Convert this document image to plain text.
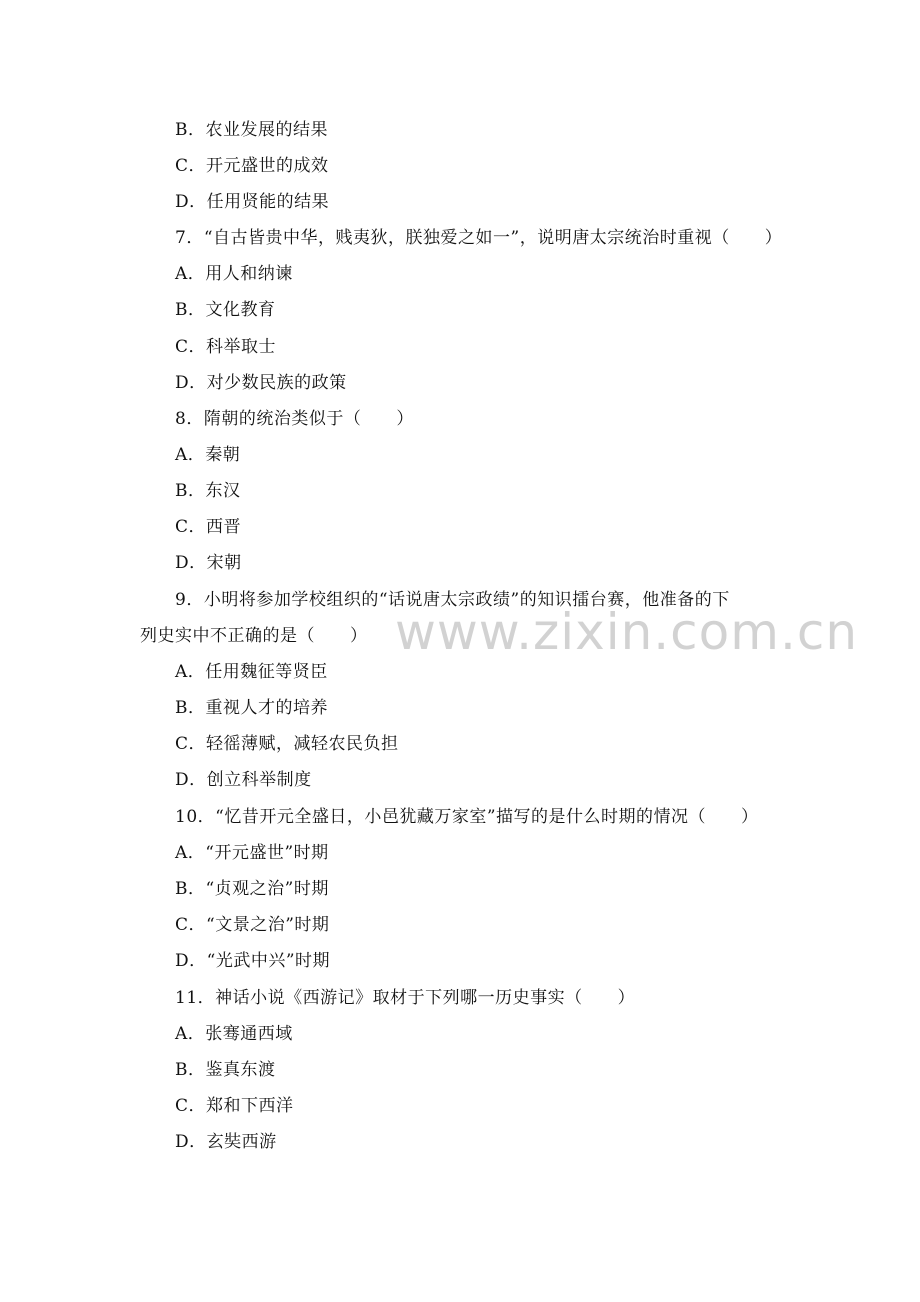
www.zixin.com.cn
B．农业发展的结果
C．开元盛世的成效
D．任用贤能的结果
7．“自古皆贵中华，贱夷狄，朕独爱之如一”，说明唐太宗统治时重视（　　）
A．用人和纳谏
B．文化教育
C．科举取士
D．对少数民族的政策
8．隋朝的统治类似于（　　）
A．秦朝
B．东汉
C．西晋
D．宋朝
9．小明将参加学校组织的“话说唐太宗政绩”的知识擂台赛，他准备的下
列史实中不正确的是（　　）
A．任用魏征等贤臣
B．重视人才的培养
C．轻徭薄赋，减轻农民负担
D．创立科举制度
10．“忆昔开元全盛日，小邑犹藏万家室”描写的是什么时期的情况（　　）
A．“开元盛世”时期
B．“贞观之治”时期
C．“文景之治”时期
D．“光武中兴”时期
11．神话小说《西游记》取材于下列哪一历史事实（　　）
A．张骞通西域
B．鉴真东渡
C．郑和下西洋
D．玄奘西游
